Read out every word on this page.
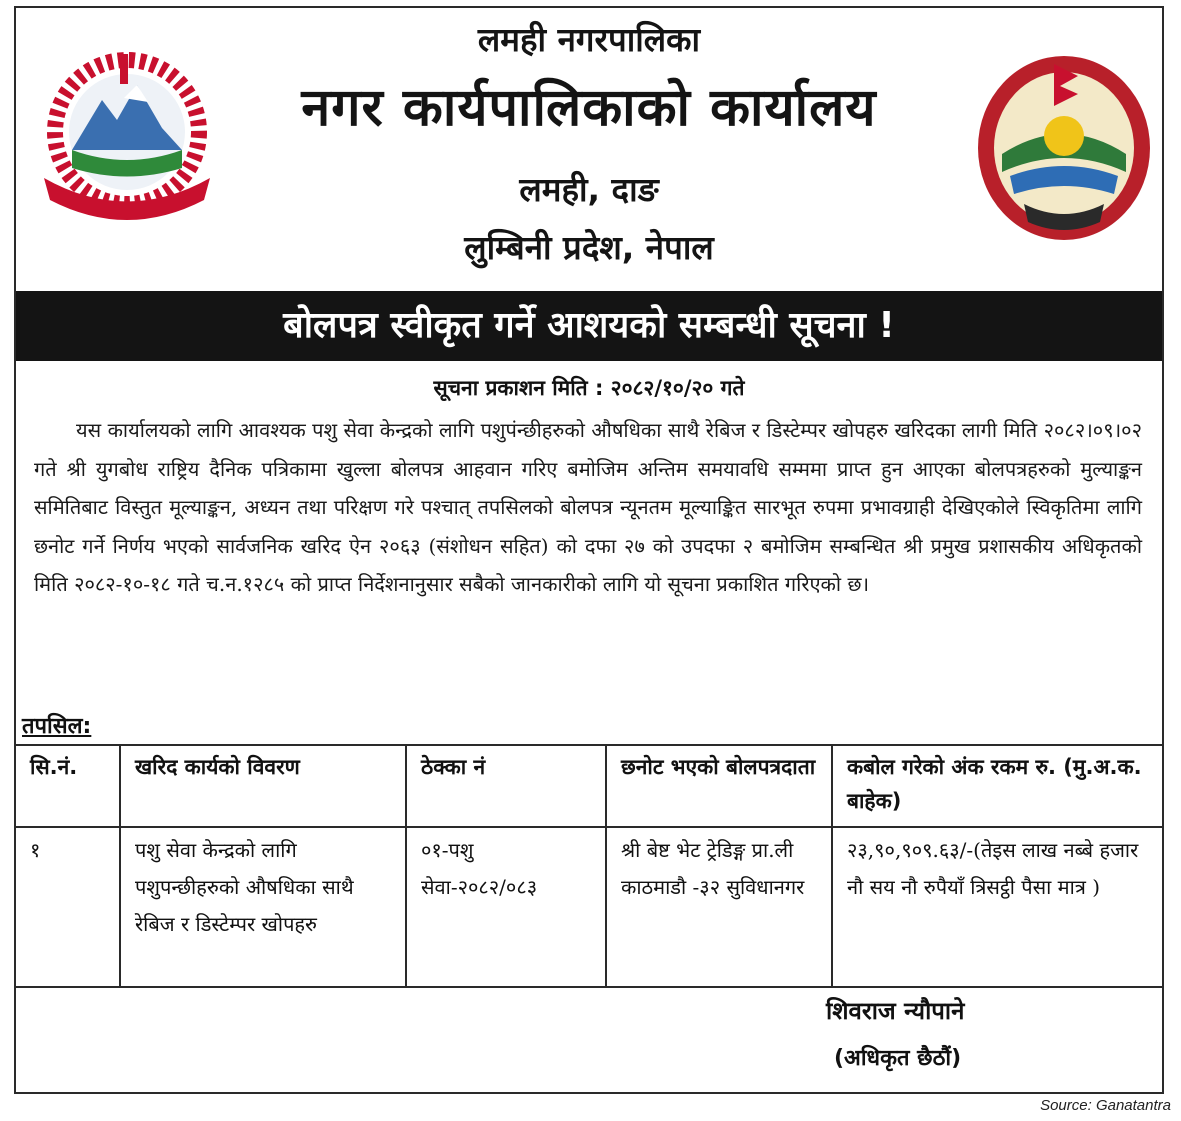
लमही नगरपालिका
नगर कार्यपालिकाको कार्यालय
लमही, दाङ
लुम्बिनी प्रदेश, नेपाल
बोलपत्र स्वीकृत गर्ने आशयको सम्बन्धी सूचना !
सूचना प्रकाशन मिति : २०८२/१०/२० गते
यस कार्यालयको लागि आवश्यक पशु सेवा केन्द्रको लागि पशुपंन्छीहरुको औषधिका साथै रेबिज र डिस्टेम्पर खोपहरु खरिदका लागी मिति २०८२।०९।०२ गते श्री युगबोध राष्ट्रिय दैनिक पत्रिकामा खुल्ला बोलपत्र आहवान गरिए बमोजिम अन्तिम समयावधि सम्ममा प्राप्त हुन आएका बोलपत्रहरुको मुल्याङ्कन समितिबाट विस्तुत मूल्याङ्कन, अध्यन तथा परिक्षण गरे पश्चात् तपसिलको बोलपत्र न्यूनतम मूल्याङ्कित सारभूत रुपमा प्रभावग्राही देखिएकोले स्विकृतिमा लागि छनोट गर्ने निर्णय भएको सार्वजनिक खरिद ऐन २०६३ (संशोधन सहित) को दफा २७ को उपदफा २ बमोजिम सम्बन्धित श्री प्रमुख प्रशासकीय अधिकृतको मिति २०८२-१०-१८ गते च.न.१२८५ को प्राप्त निर्देशनानुसार सबैको जानकारीको लागि यो सूचना प्रकाशित गरिएको छ।
तपसिल:
सि.नं.	खरिद कार्यको विवरण	ठेक्का नं	छनोट भएको बोलपत्रदाता	कबोल गरेको अंक रकम रु. (मु.अ.क. बाहेक)
१	पशु सेवा केन्द्रको लागि पशुपन्छीहरुको औषधिका साथै रेबिज र डिस्टेम्पर खोपहरु	०१-पशु सेवा-२०८२/०८३	श्री बेष्ट भेट ट्रेडिङ्ग प्रा.ली काठमाडौ -३२ सुविधानगर	२३,९०,९०९.६३/-(तेइस लाख नब्बे हजार नौ सय नौ रुपैयाँ त्रिसट्ठी पैसा मात्र )
शिवराज न्यौपाने
(अधिकृत छैठौं)
Source: Ganatantra
